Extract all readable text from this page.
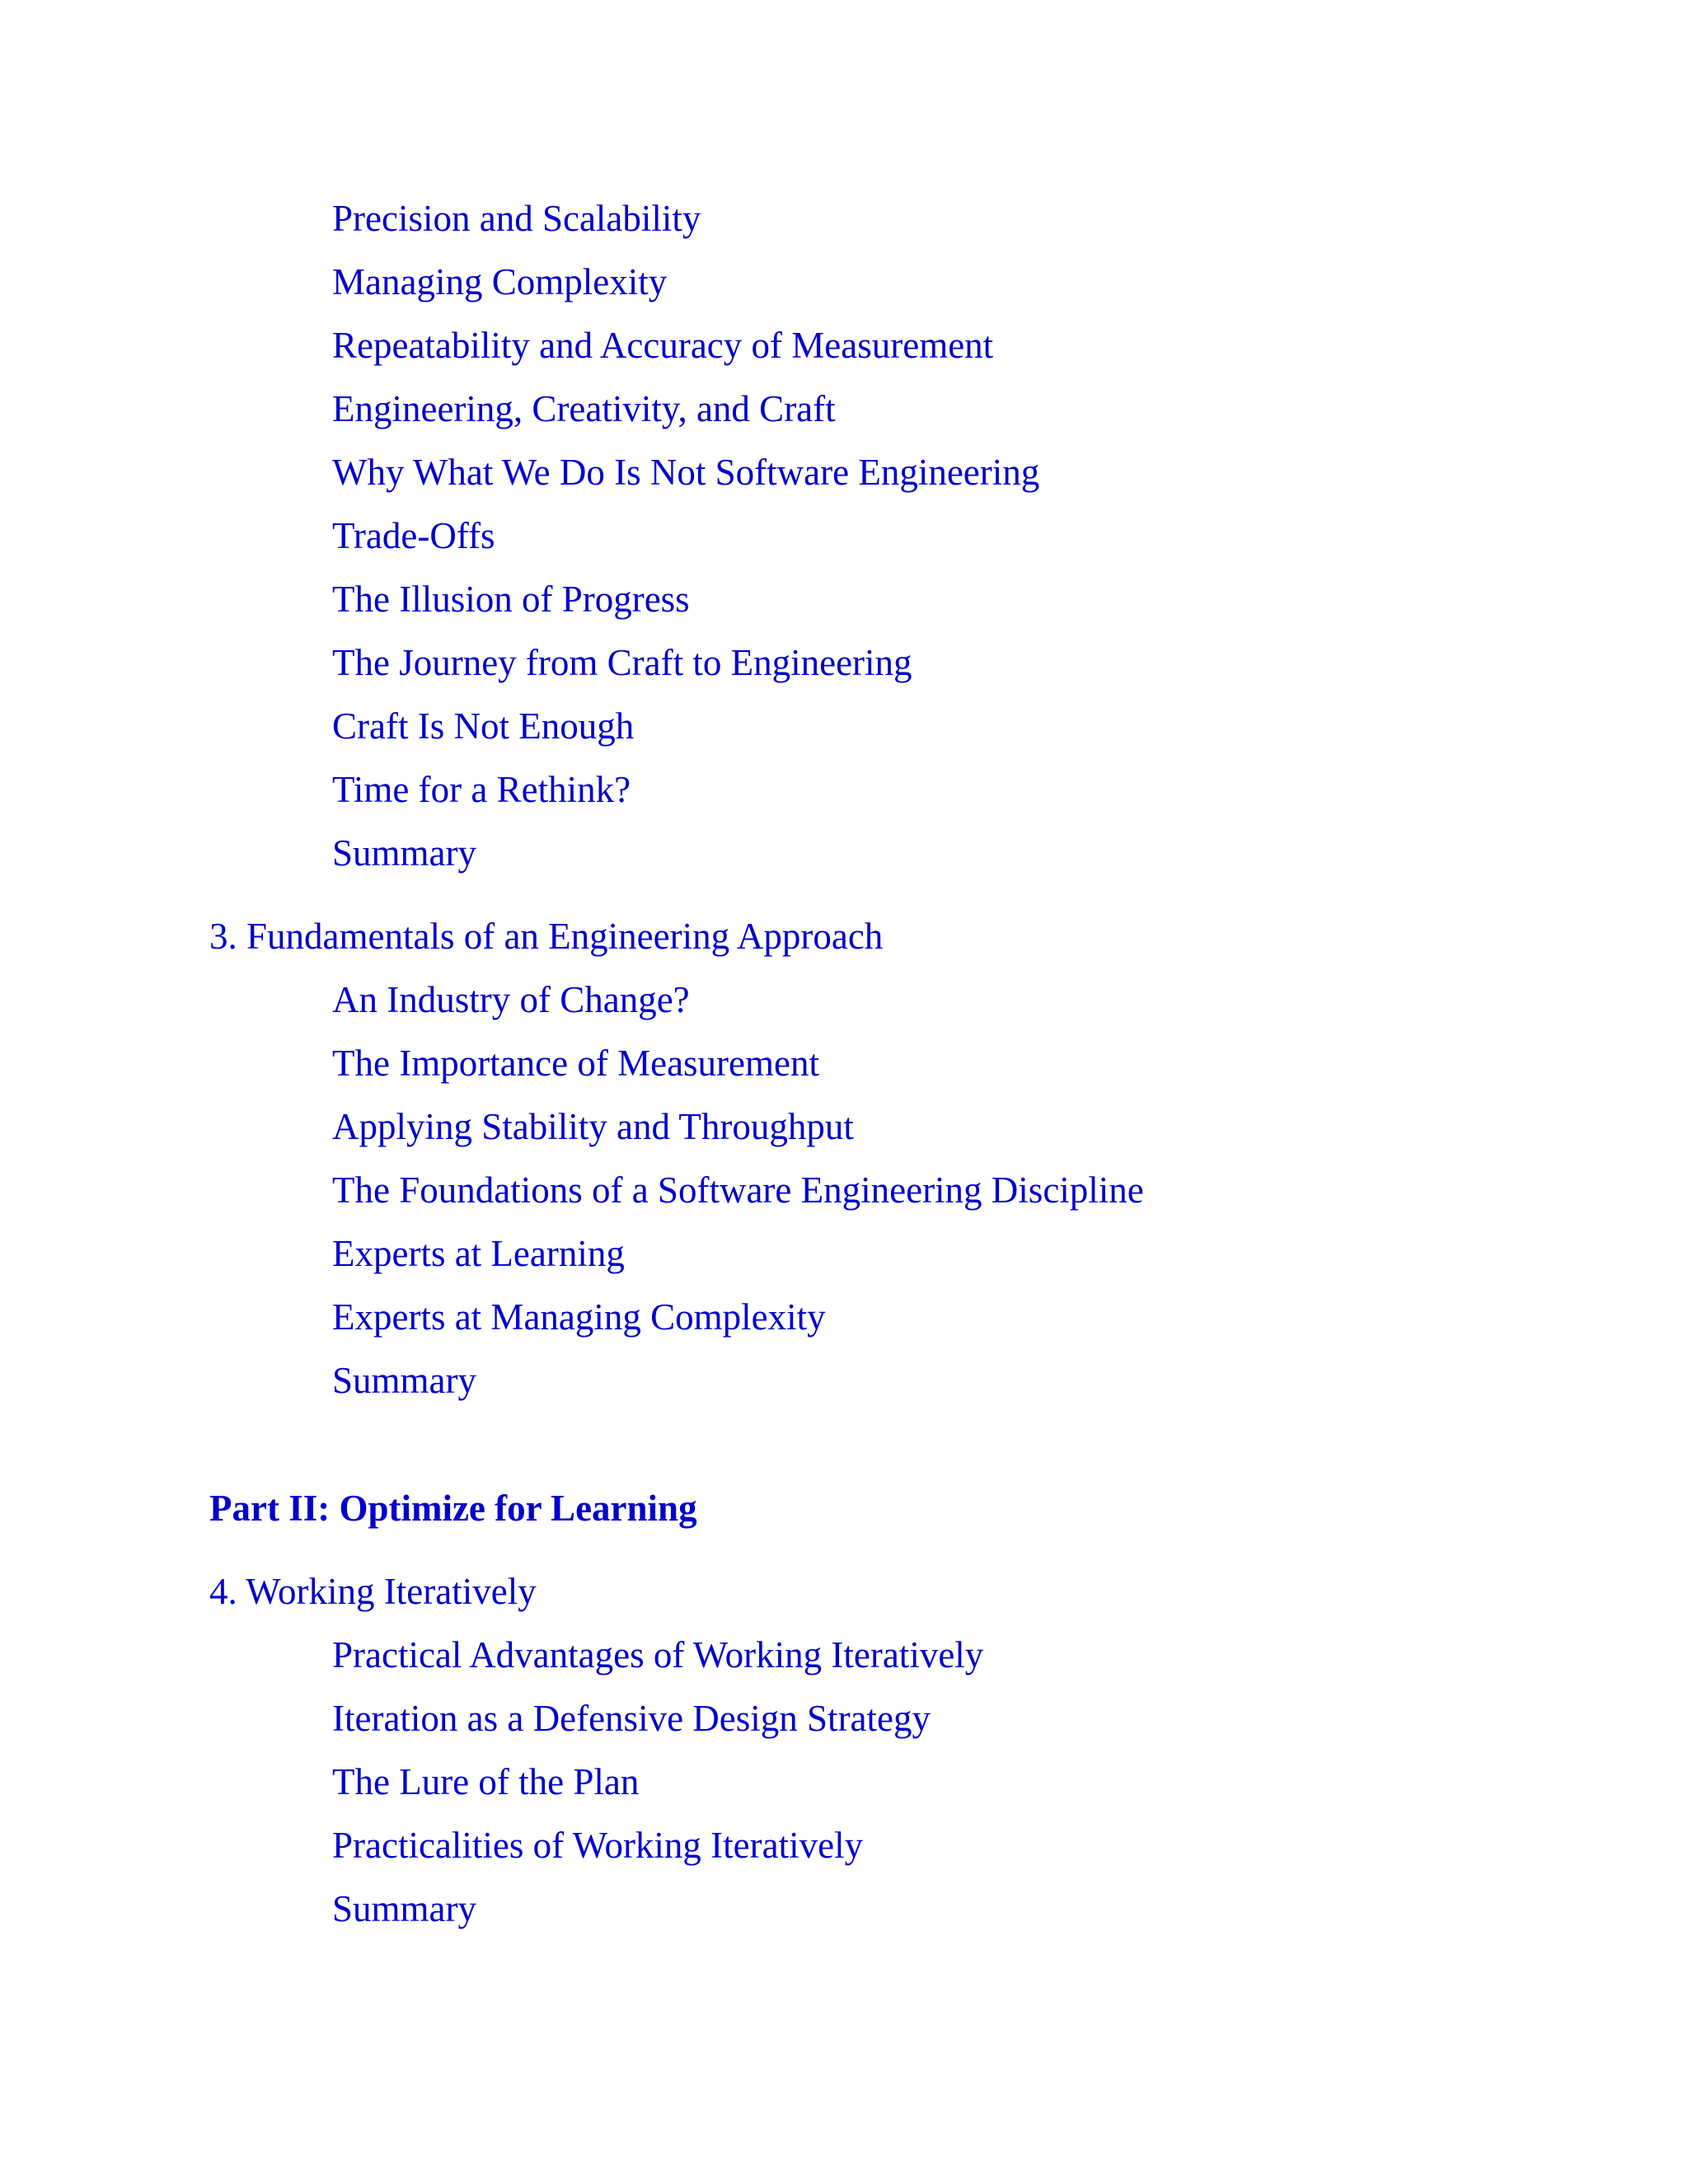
Precision and Scalability
Managing Complexity
Repeatability and Accuracy of Measurement
Engineering, Creativity, and Craft
Why What We Do Is Not Software Engineering
Trade-Offs
The Illusion of Progress
The Journey from Craft to Engineering
Craft Is Not Enough
Time for a Rethink?
Summary
3. Fundamentals of an Engineering Approach
An Industry of Change?
The Importance of Measurement
Applying Stability and Throughput
The Foundations of a Software Engineering Discipline
Experts at Learning
Experts at Managing Complexity
Summary
Part II: Optimize for Learning
4. Working Iteratively
Practical Advantages of Working Iteratively
Iteration as a Defensive Design Strategy
The Lure of the Plan
Practicalities of Working Iteratively
Summary
